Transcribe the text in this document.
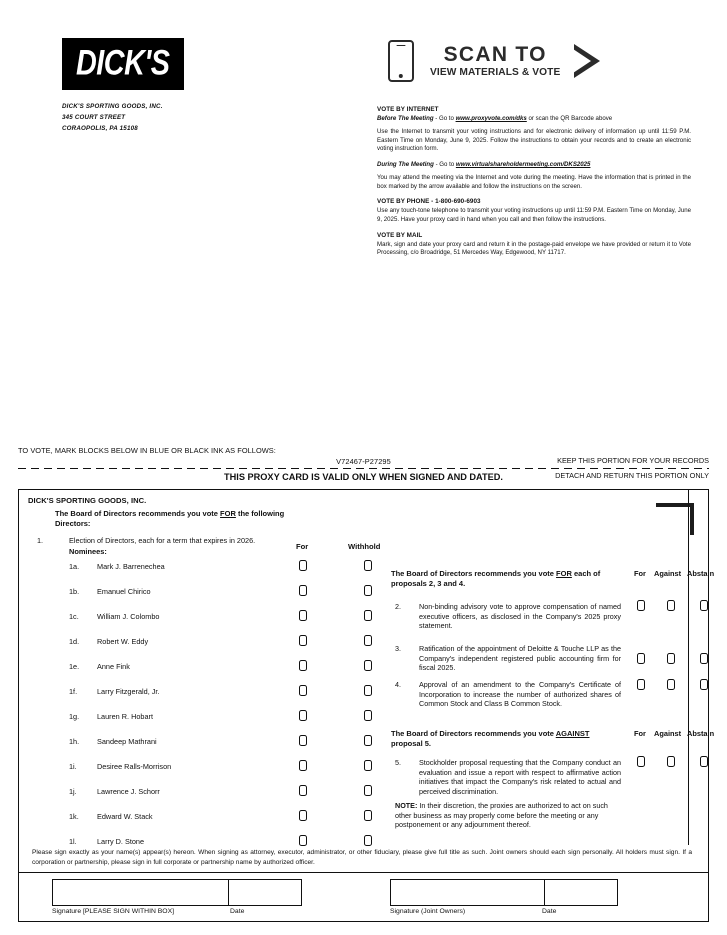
DICK'S
DICK'S SPORTING GOODS, INC.
345 COURT STREET
CORAOPOLIS, PA 15108
SCAN TO
VIEW MATERIALS & VOTE
VOTE BY INTERNET
Before The Meeting - Go to www.proxyvote.com/dks or scan the QR Barcode above
Use the Internet to transmit your voting instructions and for electronic delivery of information up until 11:59 P.M. Eastern Time on Monday, June 9, 2025. Follow the instructions to obtain your records and to create an electronic voting instruction form.
During The Meeting - Go to www.virtualshareholdermeeting.com/DKS2025
You may attend the meeting via the Internet and vote during the meeting. Have the information that is printed in the box marked by the arrow available and follow the instructions on the screen.
VOTE BY PHONE - 1-800-690-6903
Use any touch-tone telephone to transmit your voting instructions up until 11:59 P.M. Eastern Time on Monday, June 9, 2025. Have your proxy card in hand when you call and then follow the instructions.
VOTE BY MAIL
Mark, sign and date your proxy card and return it in the postage-paid envelope we have provided or return it to Vote Processing, c/o Broadridge, 51 Mercedes Way, Edgewood, NY 11717.
TO VOTE, MARK BLOCKS BELOW IN BLUE OR BLACK INK AS FOLLOWS:
V72467-P27295	KEEP THIS PORTION FOR YOUR RECORDS
THIS PROXY CARD IS VALID ONLY WHEN SIGNED AND DATED.	DETACH AND RETURN THIS PORTION ONLY
DICK'S SPORTING GOODS, INC.
The Board of Directors recommends you vote FOR the following Directors:
1.	Election of Directors, each for a term that expires in 2026.
Nominees:
For	Withhold
1a. Mark J. Barrenechea
1b. Emanuel Chirico
1c.	William J. Colombo
1d. Robert W. Eddy
1e. Anne Fink
1f.	Larry Fitzgerald, Jr.
1g. Lauren R. Hobart
1h. Sandeep Mathrani
1i.	Desiree Ralls-Morrison
1j.	Lawrence J. Schorr
1k.	Edward W. Stack
1l.	Larry D. Stone
The Board of Directors recommends you vote FOR each of proposals 2, 3 and 4.
For Against Abstain
2.	Non-binding advisory vote to approve compensation of named executive officers, as disclosed in the Company's 2025 proxy statement.
3.	Ratification of the appointment of Deloitte & Touche LLP as the Company's independent registered public accounting firm for fiscal 2025.
4.	Approval of an amendment to the Company's Certificate of Incorporation to increase the number of authorized shares of Common Stock and Class B Common Stock.
The Board of Directors recommends you vote AGAINST proposal 5.
For Against Abstain
5.	Stockholder proposal requesting that the Company conduct an evaluation and issue a report with respect to affirmative action initiatives that impact the Company's risk related to actual and perceived discrimination.
NOTE: In their discretion, the proxies are authorized to act on such other business as may properly come before the meeting or any postponement or any adjournment thereof.
Please sign exactly as your name(s) appear(s) hereon. When signing as attorney, executor, administrator, or other fiduciary, please give full title as such. Joint owners should each sign personally. All holders must sign. If a corporation or partnership, please sign in full corporate or partnership name by authorized officer.
Signature [PLEASE SIGN WITHIN BOX]	Date	Signature (Joint Owners)	Date
